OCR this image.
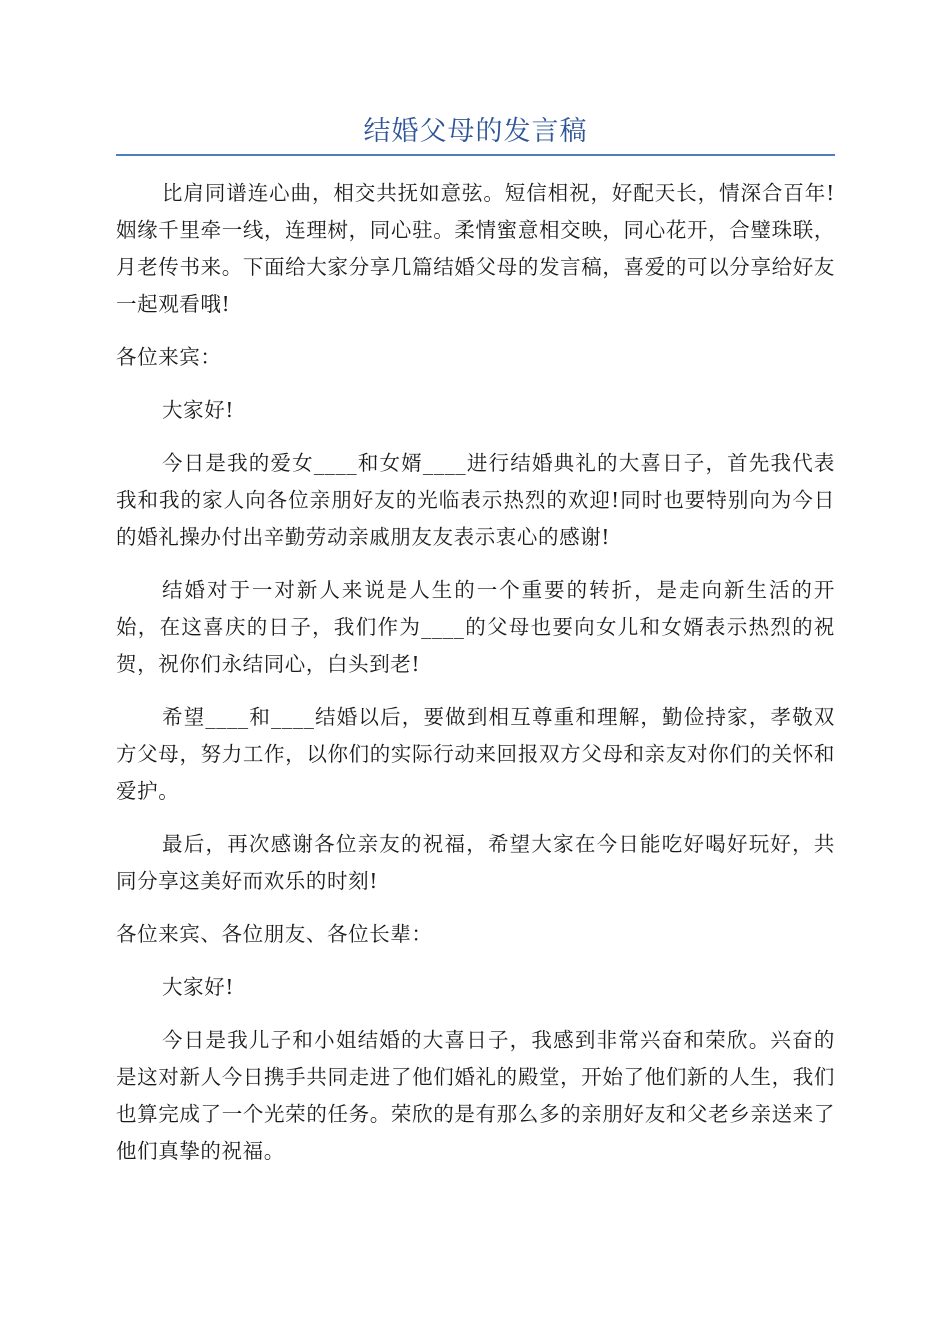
结婚父母的发言稿

比肩同谱连心曲，相交共抚如意弦。短信相祝，好配天长，情深合百年!姻缘千里牵一线，连理树，同心驻。柔情蜜意相交映，同心花开，合璧珠联，月老传书来。下面给大家分享几篇结婚父母的发言稿，喜爱的可以分享给好友一起观看哦!

各位来宾：

大家好!

今日是我的爱女____和女婿____进行结婚典礼的大喜日子，首先我代表我和我的家人向各位亲朋好友的光临表示热烈的欢迎!同时也要特别向为今日的婚礼操办付出辛勤劳动亲戚朋友友表示衷心的感谢!

结婚对于一对新人来说是人生的一个重要的转折，是走向新生活的开始，在这喜庆的日子，我们作为____的父母也要向女儿和女婿表示热烈的祝贺，祝你们永结同心，白头到老!

希望____和____结婚以后，要做到相互尊重和理解，勤俭持家，孝敬双方父母，努力工作，以你们的实际行动来回报双方父母和亲友对你们的关怀和爱护。

最后，再次感谢各位亲友的祝福，希望大家在今日能吃好喝好玩好，共同分享这美好而欢乐的时刻!

各位来宾、各位朋友、各位长辈：

大家好!

今日是我儿子和小姐结婚的大喜日子，我感到非常兴奋和荣欣。兴奋的是这对新人今日携手共同走进了他们婚礼的殿堂，开始了他们新的人生，我们也算完成了一个光荣的任务。荣欣的是有那么多的亲朋好友和父老乡亲送来了他们真挚的祝福。
